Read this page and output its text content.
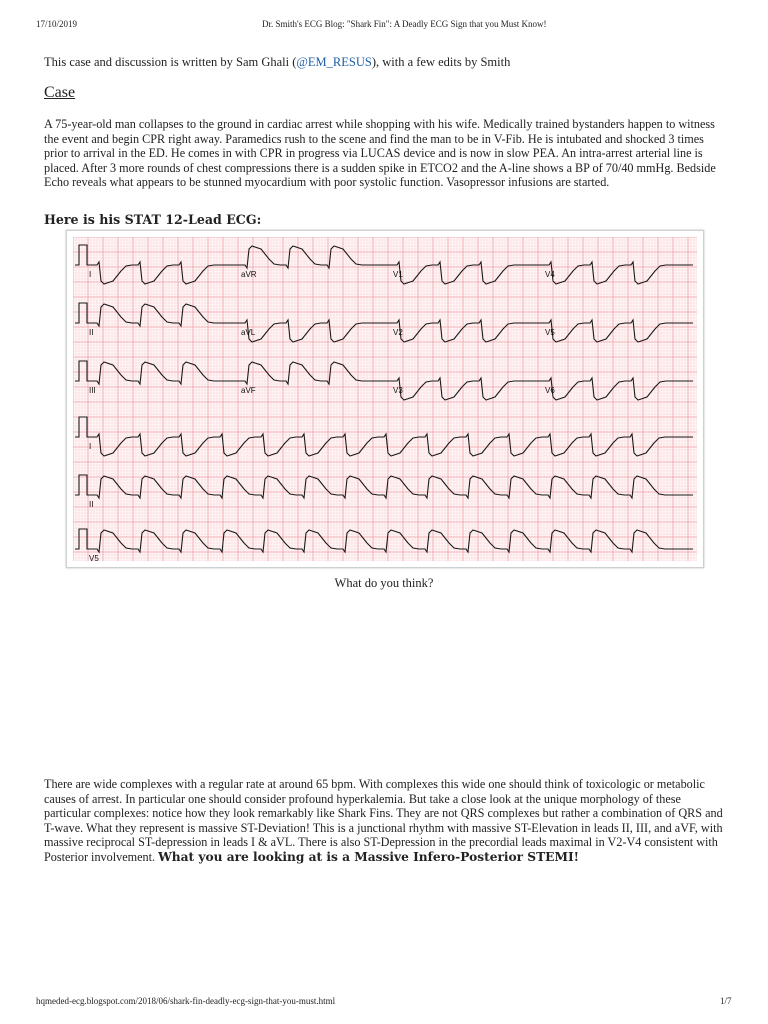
17/10/2019	Dr. Smith's ECG Blog: "Shark Fin": A Deadly ECG Sign that you Must Know!
This case and discussion is written by Sam Ghali (@EM_RESUS), with a few edits by Smith
Case
A 75-year-old man collapses to the ground in cardiac arrest while shopping with his wife. Medically trained bystanders happen to witness the event and begin CPR right away. Paramedics rush to the scene and find the man to be in V-Fib. He is intubated and shocked 3 times prior to arrival in the ED. He comes in with CPR in progress via LUCAS device and is now in slow PEA. An intra-arrest arterial line is placed. After 3 more rounds of chest compressions there is a sudden spike in ETCO2 and the A-line shows a BP of 70/40 mmHg. Bedside Echo reveals what appears to be stunned myocardium with poor systolic function. Vasopressor infusions are started.
Here is his STAT 12-Lead ECG:
I	aVR	V1	V4
II	aVL	V2	V5
III	aVF	V3	V6
I
II
V5
What do you think?
There are wide complexes with a regular rate at around 65 bpm. With complexes this wide one should think of toxicologic or metabolic causes of arrest. In particular one should consider profound hyperkalemia. But take a close look at the unique morphology of these particular complexes: notice how they look remarkably like Shark Fins. They are not QRS complexes but rather a combination of QRS and T-wave. What they represent is massive ST-Deviation! This is a junctional rhythm with massive ST-Elevation in leads II, III, and aVF, with massive reciprocal ST-depression in leads I & aVL. There is also ST-Depression in the precordial leads maximal in V2-V4 consistent with Posterior involvement. What you are looking at is a Massive Infero-Posterior STEMI!
hqmeded-ecg.blogspot.com/2018/06/shark-fin-deadly-ecg-sign-that-you-must.html	1/7
